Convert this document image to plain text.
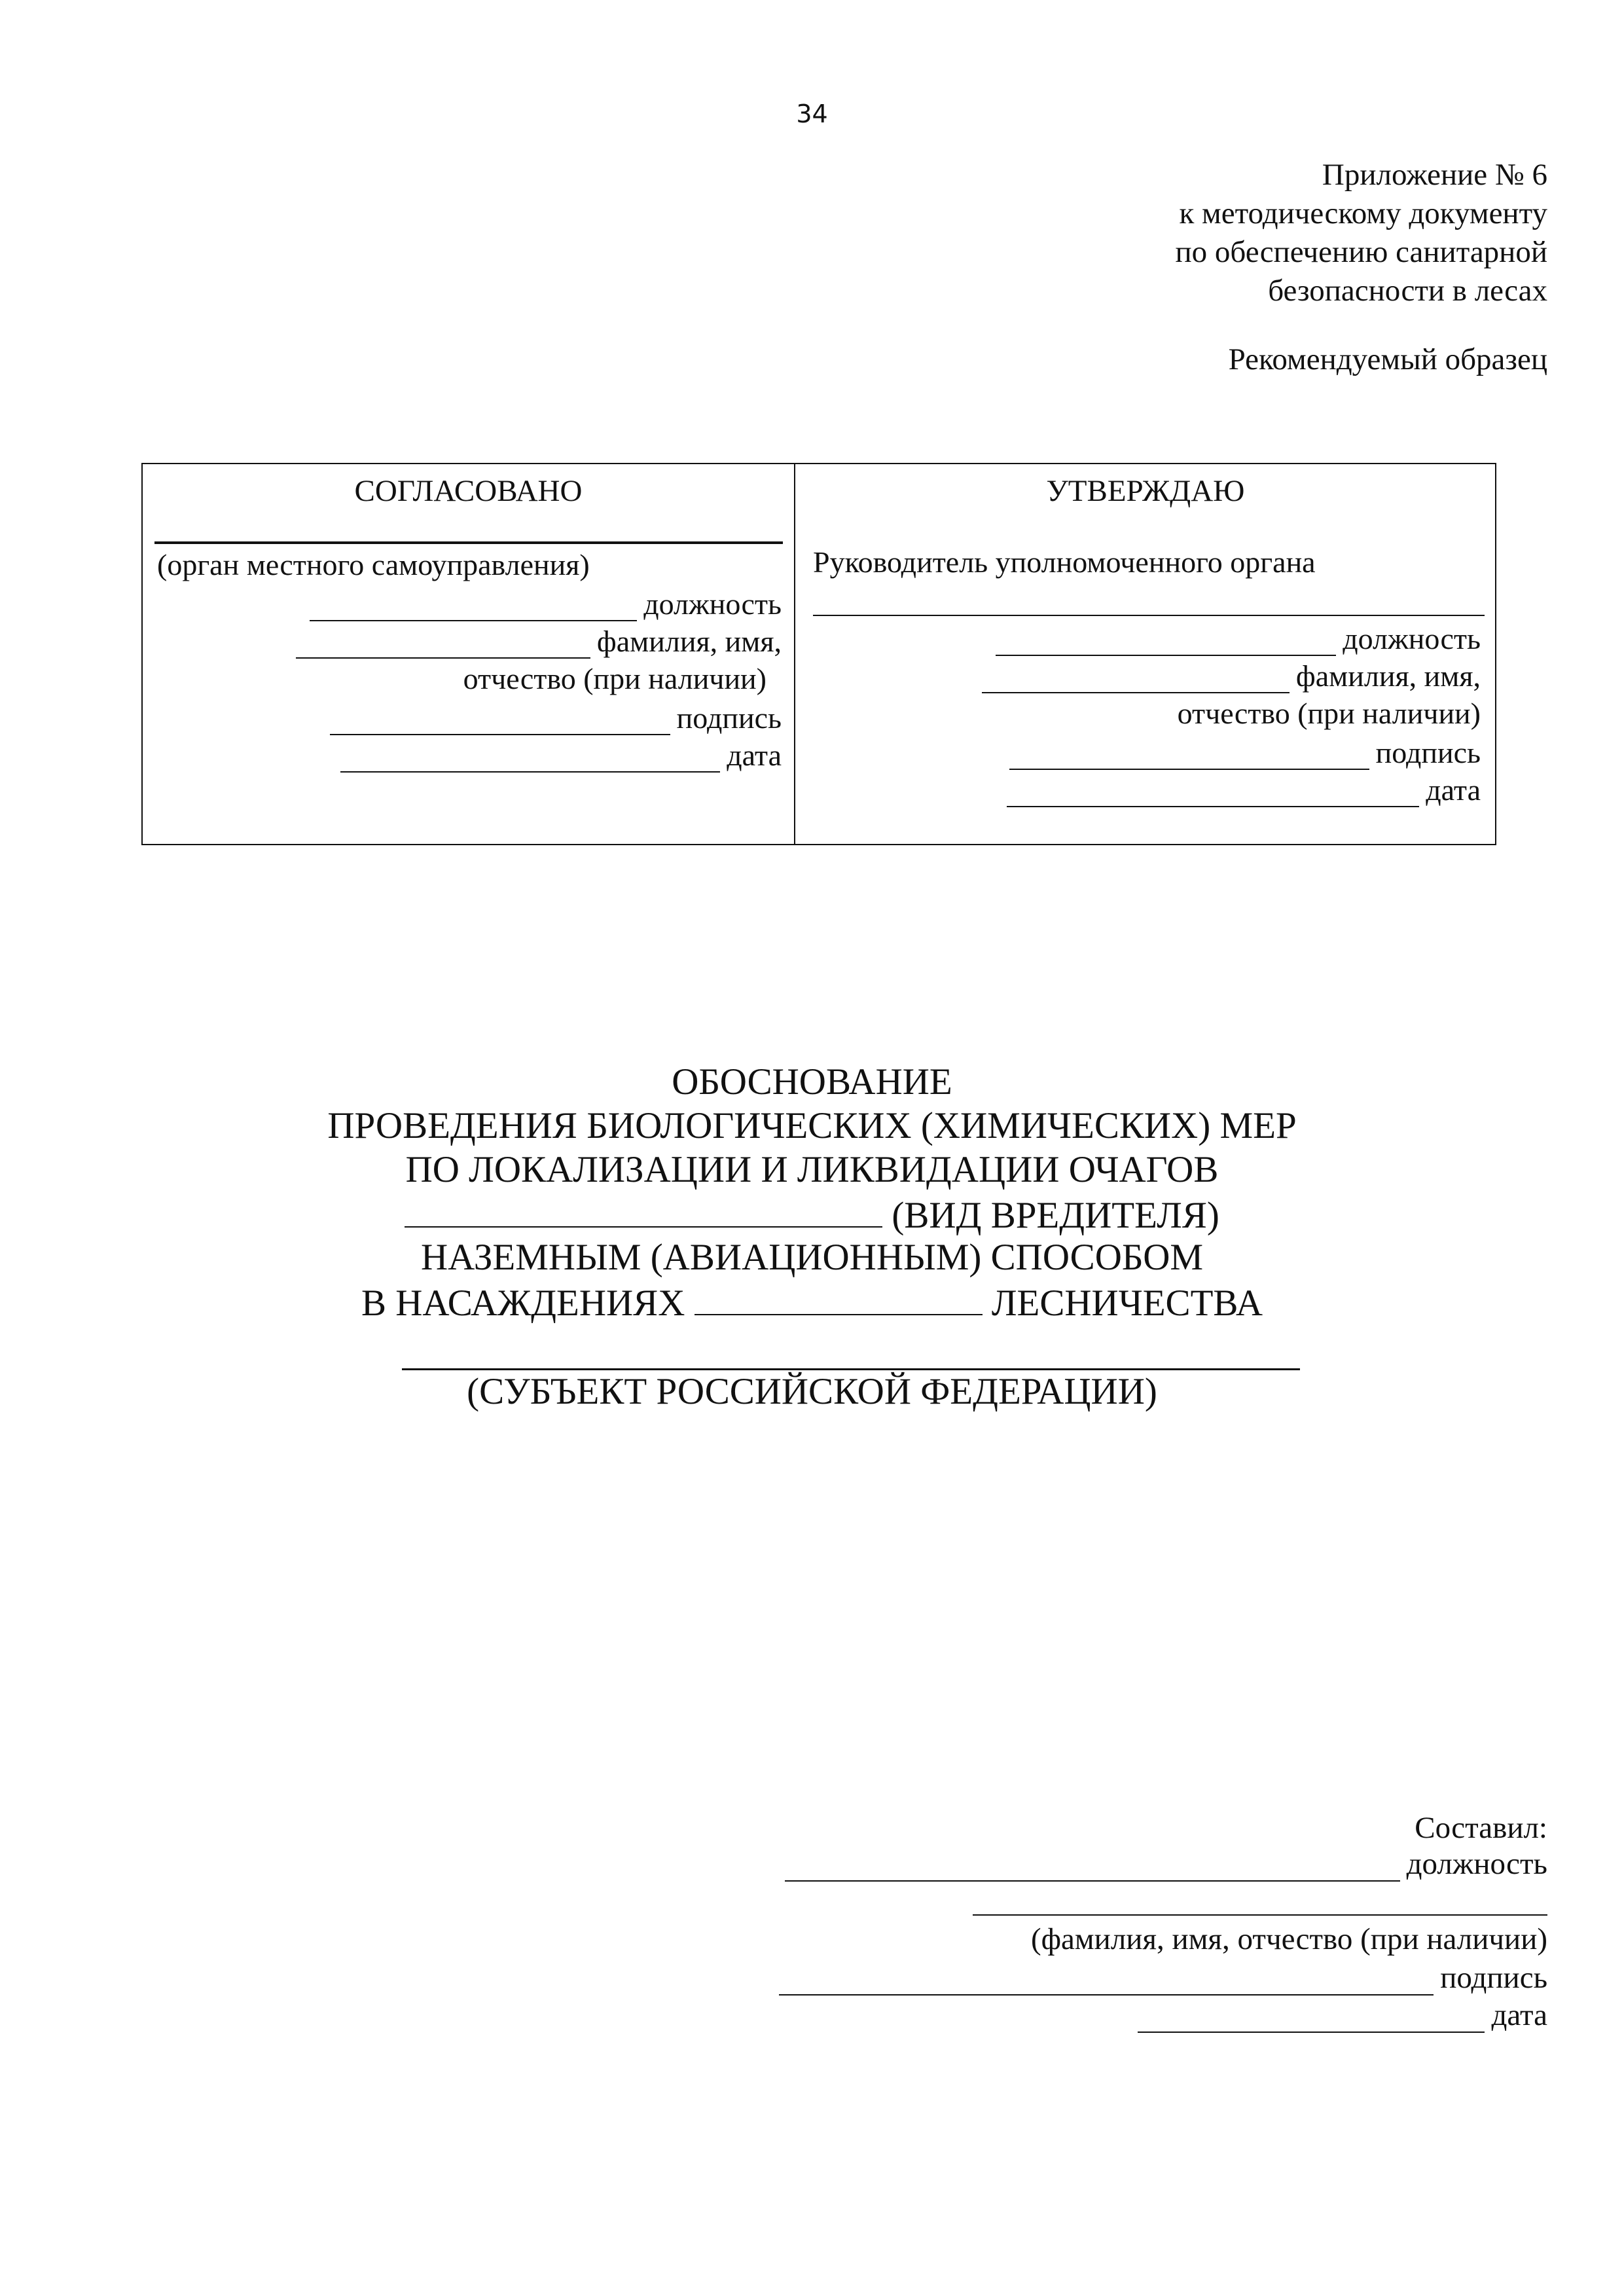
34
Приложение № 6
к методическому документу
по обеспечению санитарной
безопасности в лесах
Рекомендуемый образец
СОГЛАСОВАНО
(орган местного самоуправления)
должность
фамилия, имя,
отчество (при наличии)
подпись
дата
УТВЕРЖДАЮ
Руководитель уполномоченного органа
должность
фамилия, имя,
отчество (при наличии)
подпись
дата
ОБОСНОВАНИЕ
ПРОВЕДЕНИЯ БИОЛОГИЧЕСКИХ (ХИМИЧЕСКИХ) МЕР
ПО ЛОКАЛИЗАЦИИ И ЛИКВИДАЦИИ ОЧАГОВ
(ВИД ВРЕДИТЕЛЯ)
НАЗЕМНЫМ (АВИАЦИОННЫМ) СПОСОБОМ
В НАСАЖДЕНИЯХ	ЛЕСНИЧЕСТВА
(СУБЪЕКТ РОССИЙСКОЙ ФЕДЕРАЦИИ)
Составил:
должность
(фамилия, имя, отчество (при наличии)
подпись
дата
